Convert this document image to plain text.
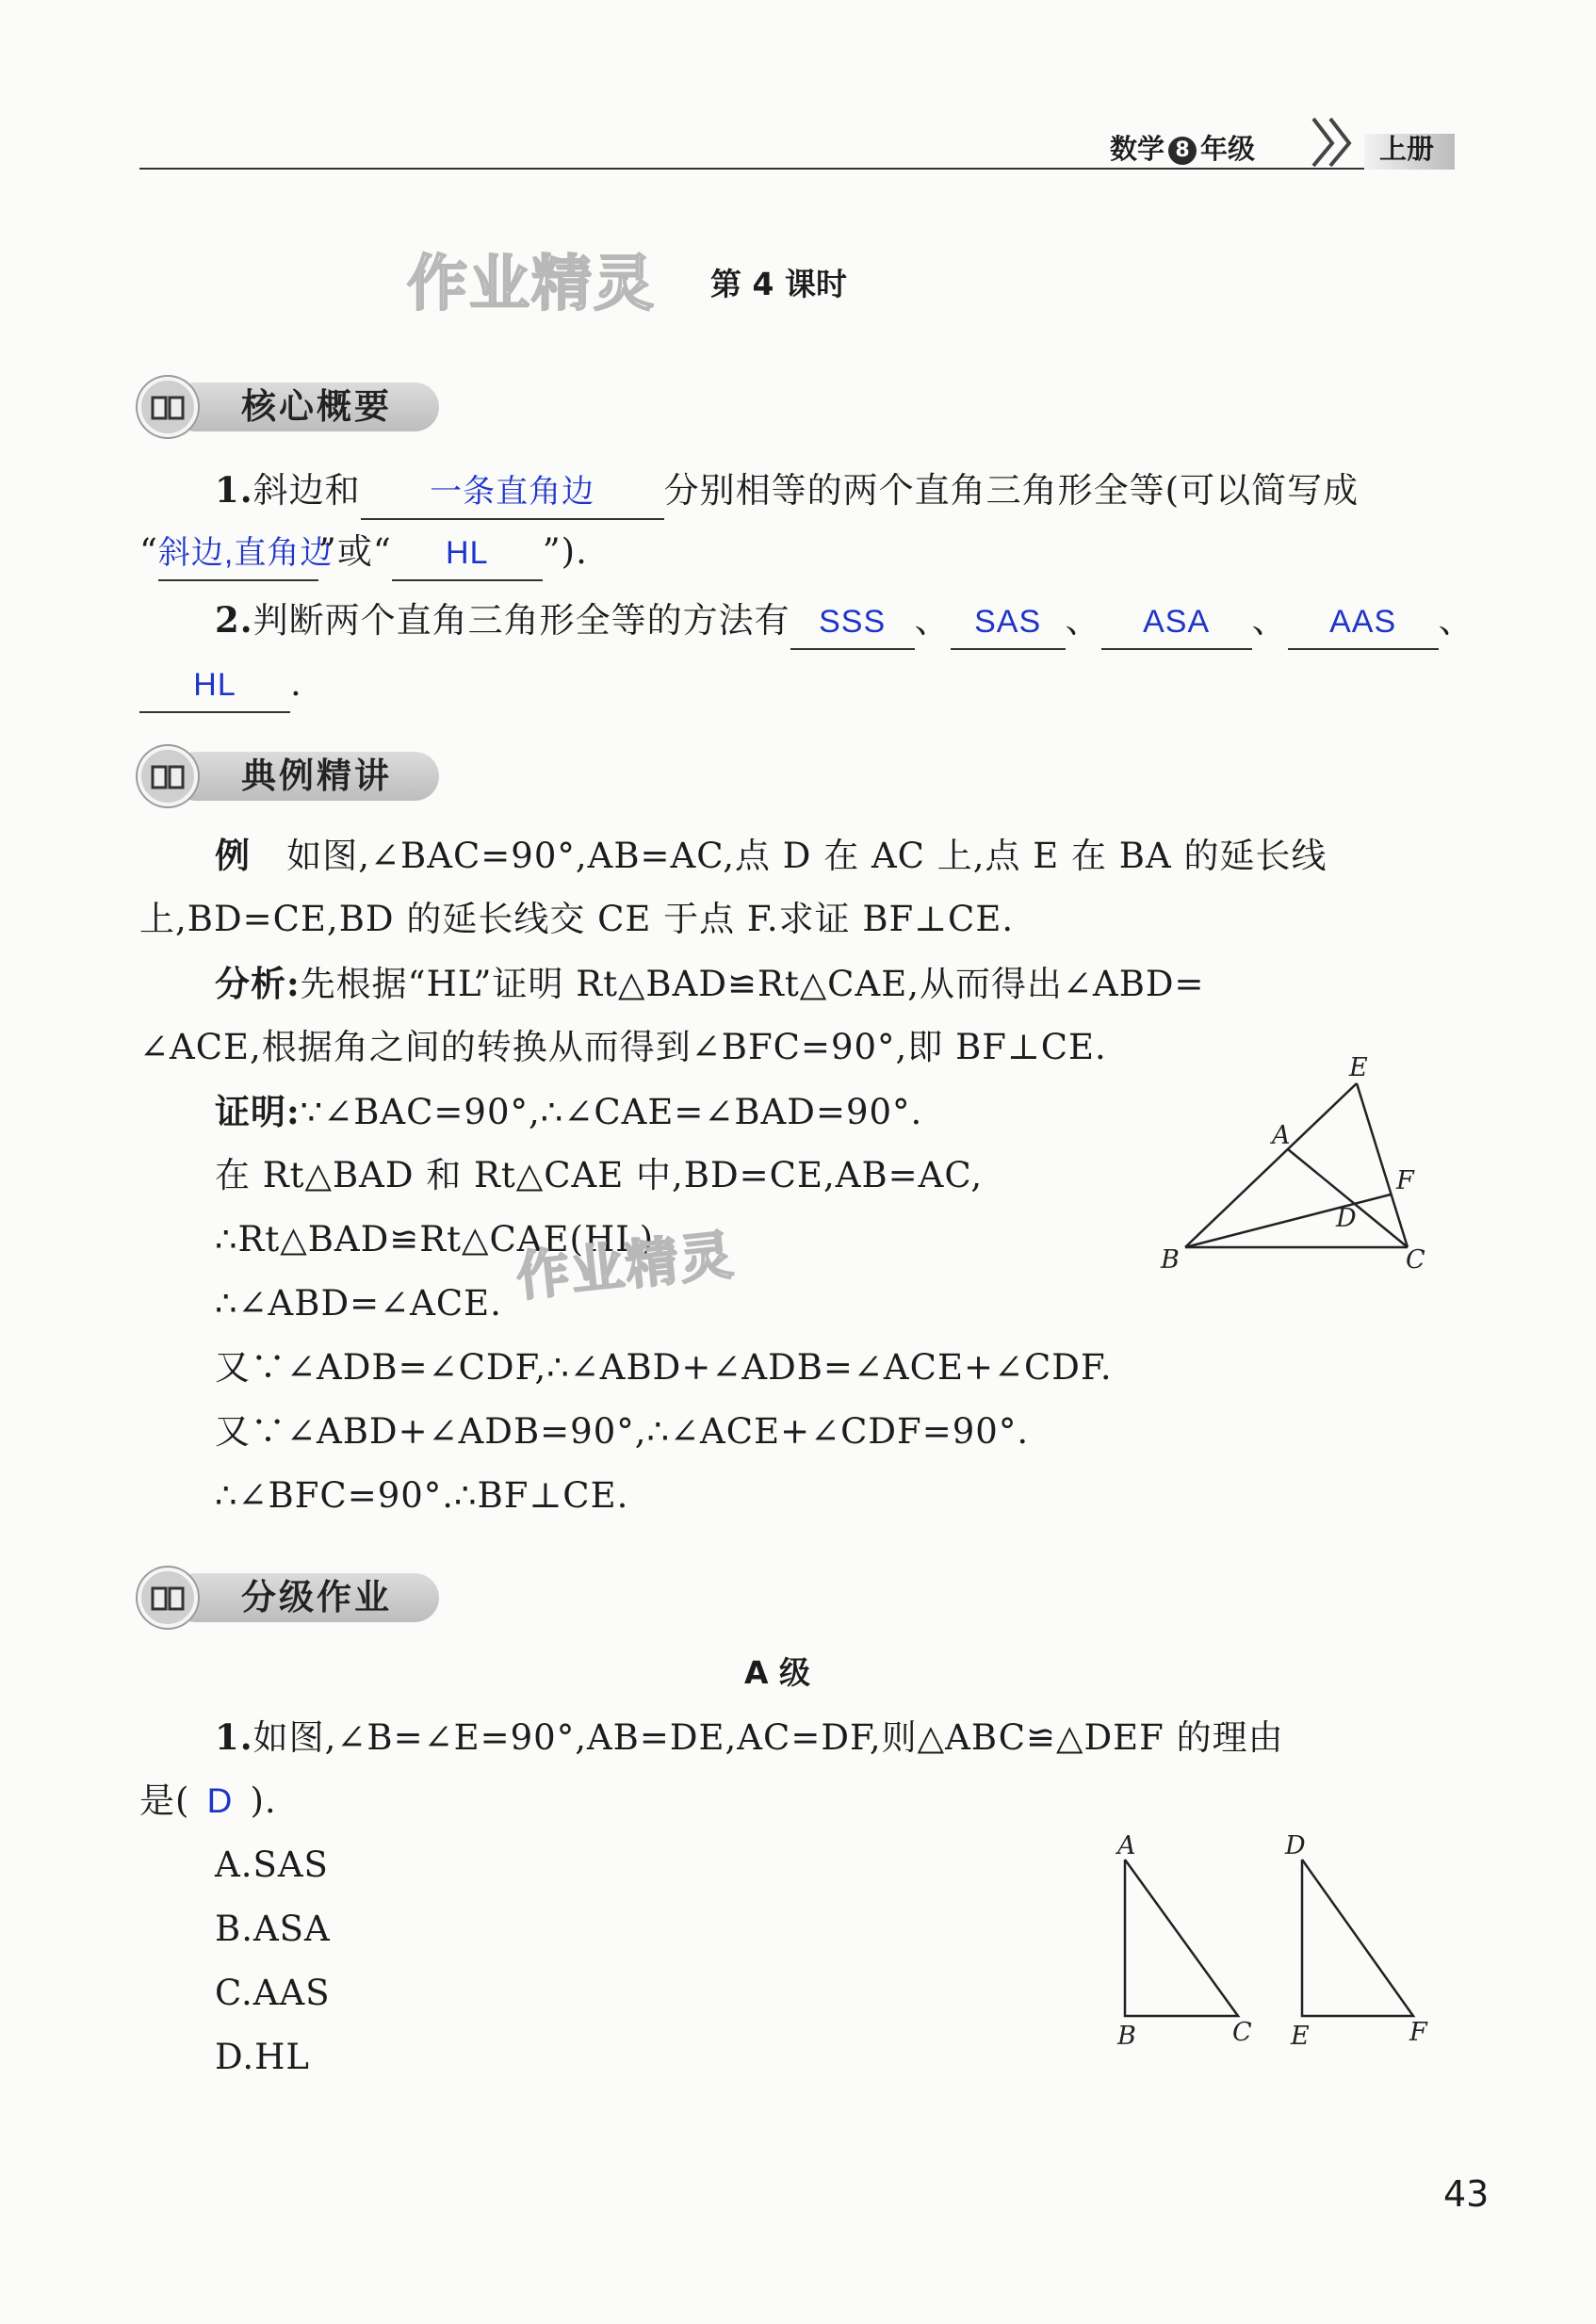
数学 8 年级	上册
作业精灵 第 4 课时
核心概要
1.斜边和 一条直角边 分别相等的两个直角三角形全等(可以简写成
“斜边,直角边”或“ HL ”).
2.判断两个直角三角形全等的方法有 SSS 、 SAS 、 ASA 、 AAS 、
HL .
典例精讲
例 如图,∠BAC=90°,AB=AC,点 D 在 AC 上,点 E 在 BA 的延长线
上,BD=CE,BD 的延长线交 CE 于点 F.求证 BF⊥CE.
分析:先根据“HL”证明 Rt△BAD≌Rt△CAE,从而得出∠ABD=
∠ACE,根据角之间的转换从而得到∠BFC=90°,即 BF⊥CE.
证明:∵∠BAC=90°,∴∠CAE=∠BAD=90°.
在 Rt△BAD 和 Rt△CAE 中,BD=CE,AB=AC,
∴Rt△BAD≌Rt△CAE(HL).
∴∠ABD=∠ACE.
又∵∠ADB=∠CDF,∴∠ABD+∠ADB=∠ACE+∠CDF.
又∵∠ABD+∠ADB=90°,∴∠ACE+∠CDF=90°.
∴∠BFC=90°.∴BF⊥CE.
作业精灵
E
A
F
D
B	C
分级作业
A 级
1.如图,∠B=∠E=90°,AB=DE,AC=DF,则△ABC≌△DEF 的理由
是( D ).
A.SAS
B.ASA
C.AAS
D.HL
A
B	C
D
E	F
43
